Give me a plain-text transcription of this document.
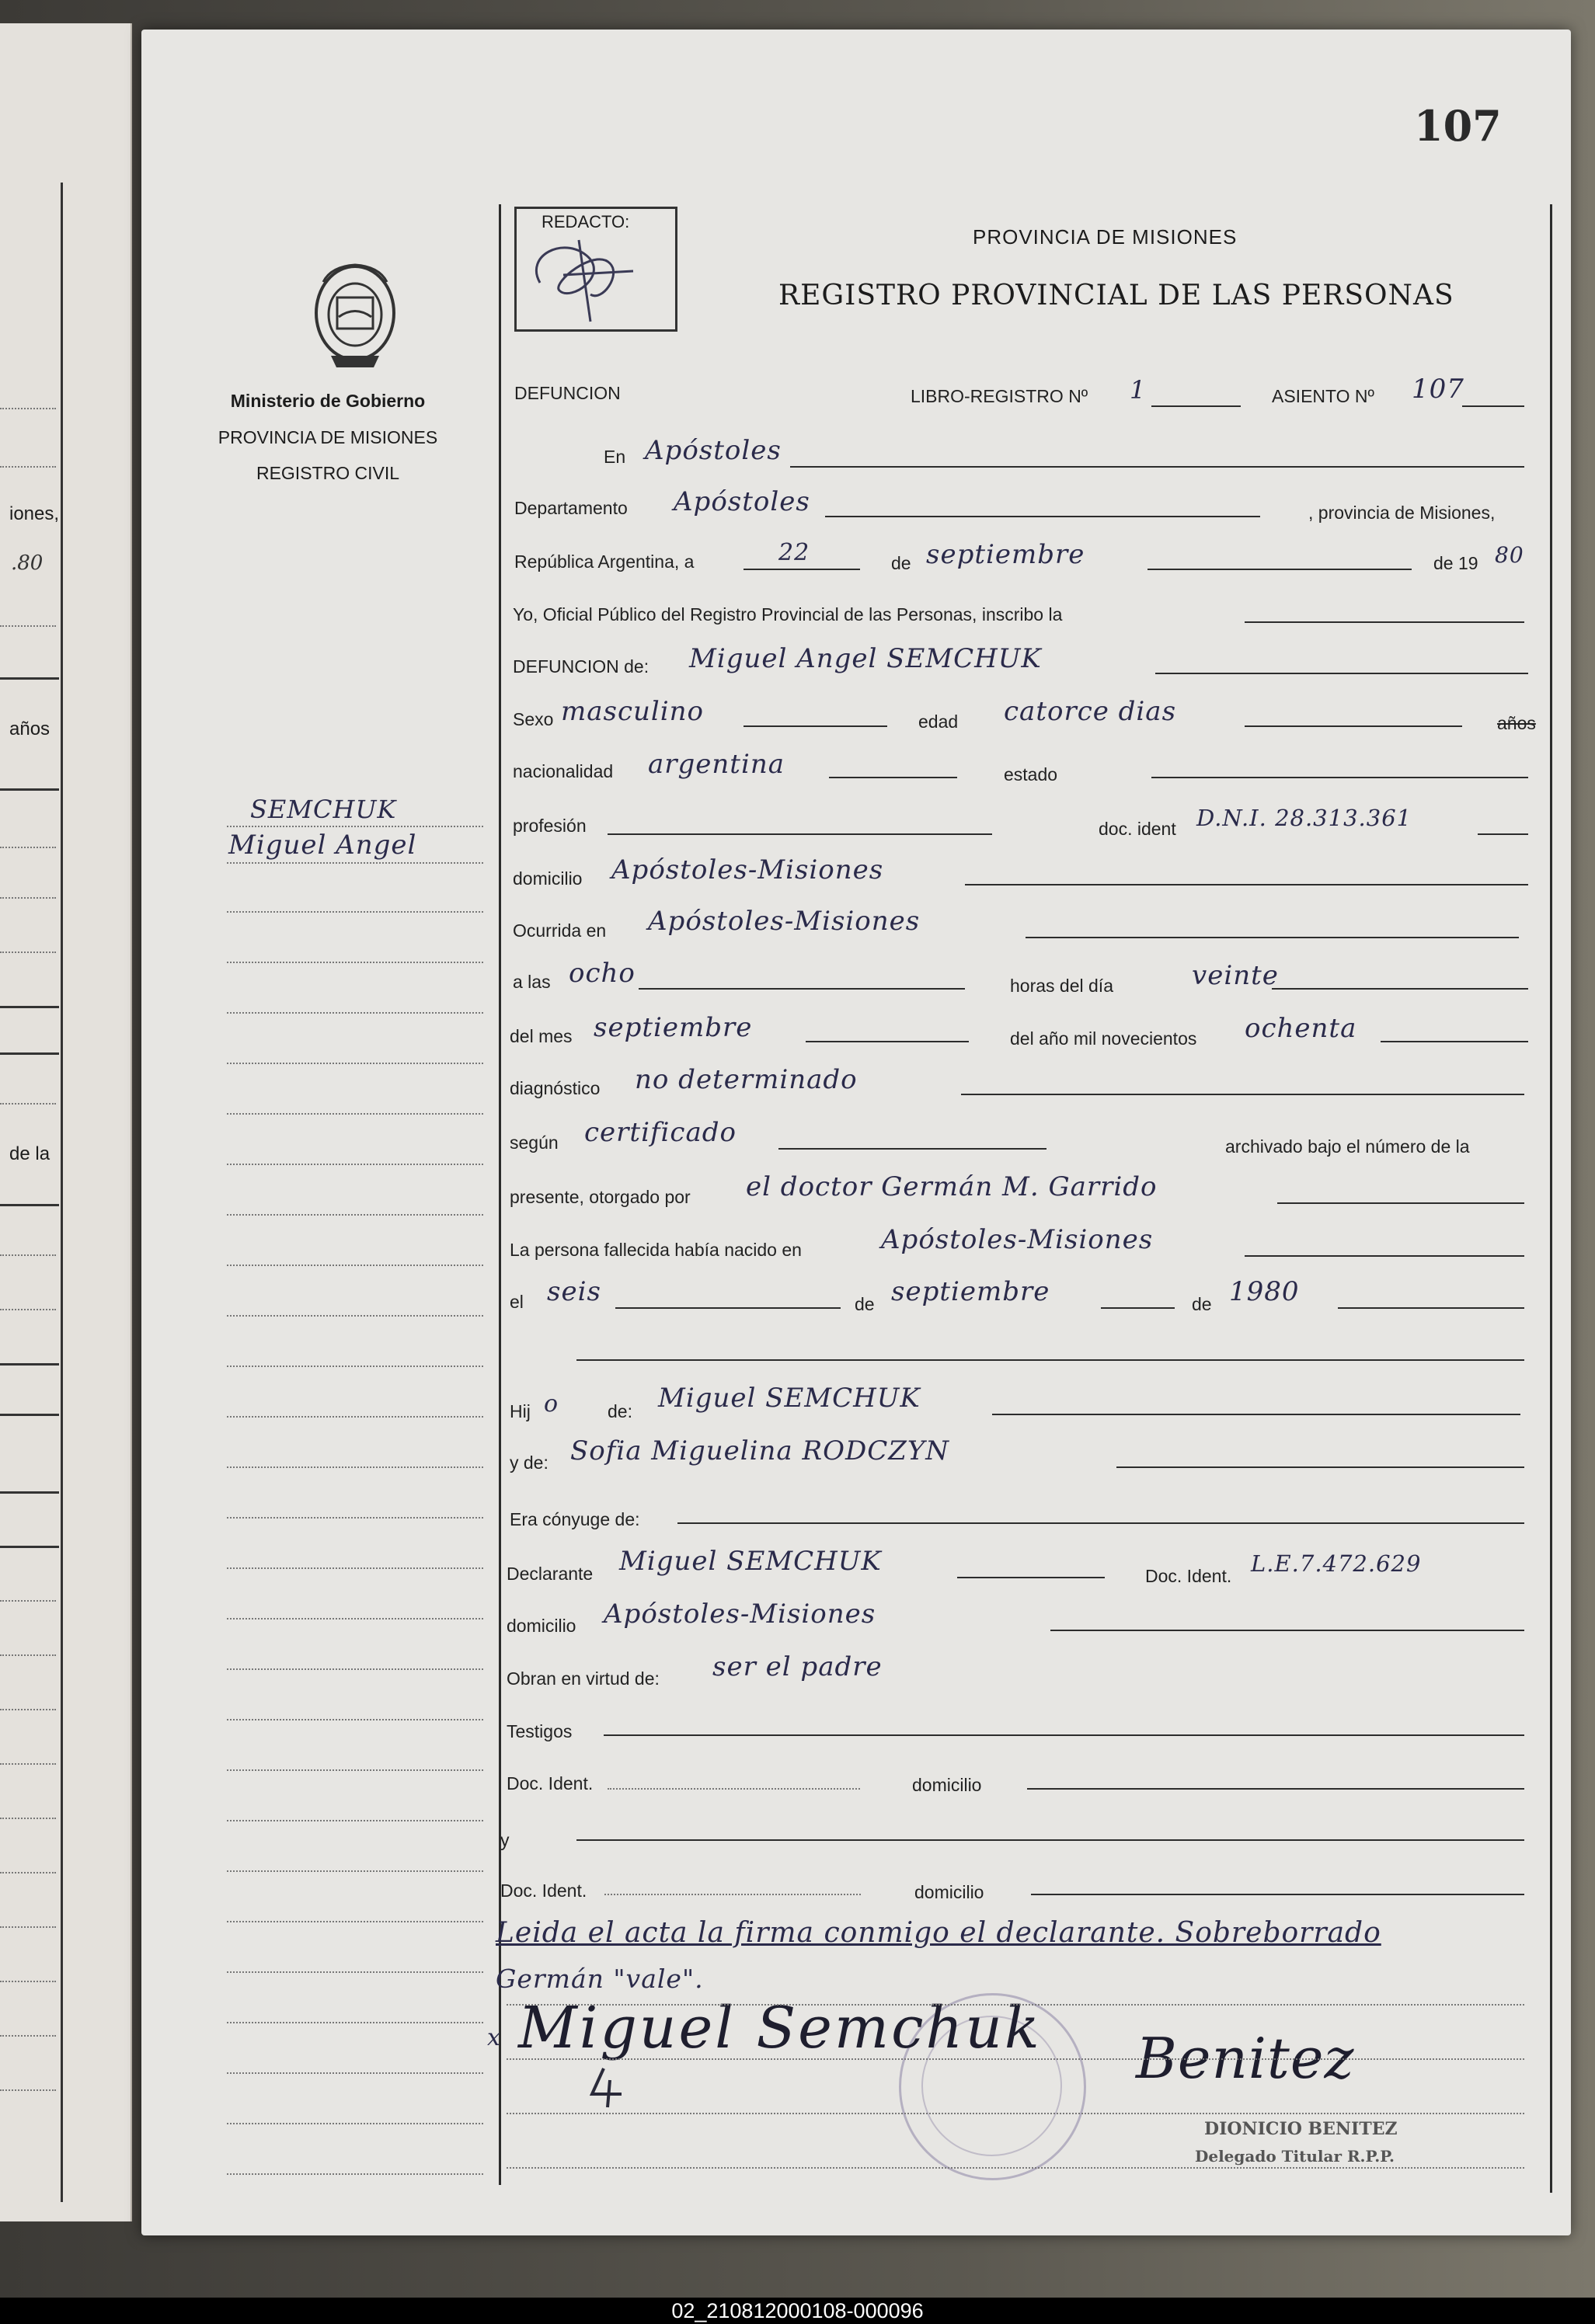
iones,
.80
años
de la
107
REDACTO:
Ministerio de Gobierno
PROVINCIA DE MISIONES
REGISTRO CIVIL
SEMCHUK
Miguel Angel
PROVINCIA DE MISIONES
REGISTRO PROVINCIAL DE LAS PERSONAS
DEFUNCION	LIBRO-REGISTRO Nº 1	ASIENTO Nº 107
En Apóstoles
Departamento Apóstoles	, provincia de Misiones,
República Argentina, a	22	de septiembre	de 19 80
Yo, Oficial Público del Registro Provincial de las Personas, inscribo la
DEFUNCION de: Miguel Angel SEMCHUK
Sexo masculino	edad catorce dias	años
nacionalidad argentina	estado
profesión	doc. ident D.N.I. 28.313.361
domicilio Apóstoles-Misiones
Ocurrida en Apóstoles-Misiones
a las ocho	horas del día	veinte
del mes septiembre	del año mil novecientos ochenta
diagnóstico no determinado
según certificado	archivado bajo el número de la
presente, otorgado por el doctor Germán M. Garrido
La persona fallecida había nacido en	Apóstoles-Misiones
el seis	de septiembre	de 1980
Hij o	de: Miguel SEMCHUK
y de: Sofia Miguelina RODCZYN
Era cónyuge de:
Declarante Miguel SEMCHUK	Doc. Ident. L.E.7.472.629
domicilio Apóstoles-Misiones
Obran en virtud de: ser el padre
Testigos
Doc. Ident.	domicilio
y
Doc. Ident.	domicilio
Leida el acta la firma conmigo el declarante. Sobreborrado
Germán "vale".
x Miguel Semchuk Benitez
DIONICIO BENITEZ
Delegado Titular R.P.P.
02_210812000108-000096
